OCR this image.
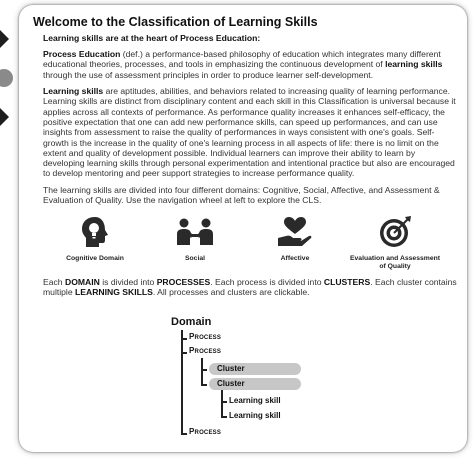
Welcome to the Classification of Learning Skills
Learning skills are at the heart of Process Education:

Process Education (def.) a performance-based philosophy of education which integrates many different educational theories, processes, and tools in emphasizing the continuous development of learning skills through the use of assessment principles in order to produce learner self-development.

Learning skills are aptitudes, abilities, and behaviors related to increasing quality of learning performance. Learning skills are distinct from disciplinary content and each skill in this Classification is universal because it applies across all contexts of performance. As performance quality increases it enhances self-efficacy, the positive expectation that one can add new performance skills, can speed up performances, and can use insights from assessment to raise the quality of performances in ways consistent with one's goals. Self-growth is the increase in the quality of one's learning process in all aspects of life: there is no limit on the extent and quality of development possible. Individual learners can improve their ability to learn by developing learning skills through personal experimentation and intentional practice but also are encouraged to develop mentoring and peer support strategies to increase performance quality.

The learning skills are divided into four different domains: Cognitive, Social, Affective, and Assessment & Evaluation of Quality. Use the navigation wheel at left to explore the CLS.

Cognitive Domain	Social	Affective	Evaluation and Assessment of Quality

Each DOMAIN is divided into PROCESSES. Each process is divided into CLUSTERS. Each cluster contains multiple LEARNING SKILLS. All processes and clusters are clickable.

Domain
Process
Process
Cluster
Cluster
Learning skill
Learning skill
Process
